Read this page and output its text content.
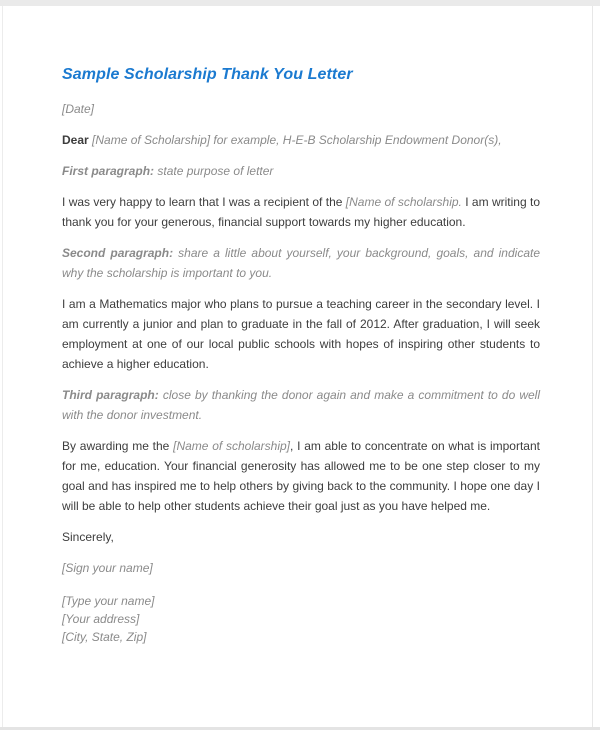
Sample Scholarship Thank You Letter

[Date]

Dear [Name of Scholarship] for example, H-E-B Scholarship Endowment Donor(s),

First paragraph: state purpose of letter

I was very happy to learn that I was a recipient of the [Name of scholarship. I am writing to thank you for your generous, financial support towards my higher education.

Second paragraph: share a little about yourself, your background, goals, and indicate why the scholarship is important to you.

I am a Mathematics major who plans to pursue a teaching career in the secondary level. I am currently a junior and plan to graduate in the fall of 2012. After graduation, I will seek employment at one of our local public schools with hopes of inspiring other students to achieve a higher education.

Third paragraph: close by thanking the donor again and make a commitment to do well with the donor investment.

By awarding me the [Name of scholarship], I am able to concentrate on what is important for me, education. Your financial generosity has allowed me to be one step closer to my goal and has inspired me to help others by giving back to the community. I hope one day I will be able to help other students achieve their goal just as you have helped me.

Sincerely,

[Sign your name]

[Type your name]

[Your address]

[City, State, Zip]
